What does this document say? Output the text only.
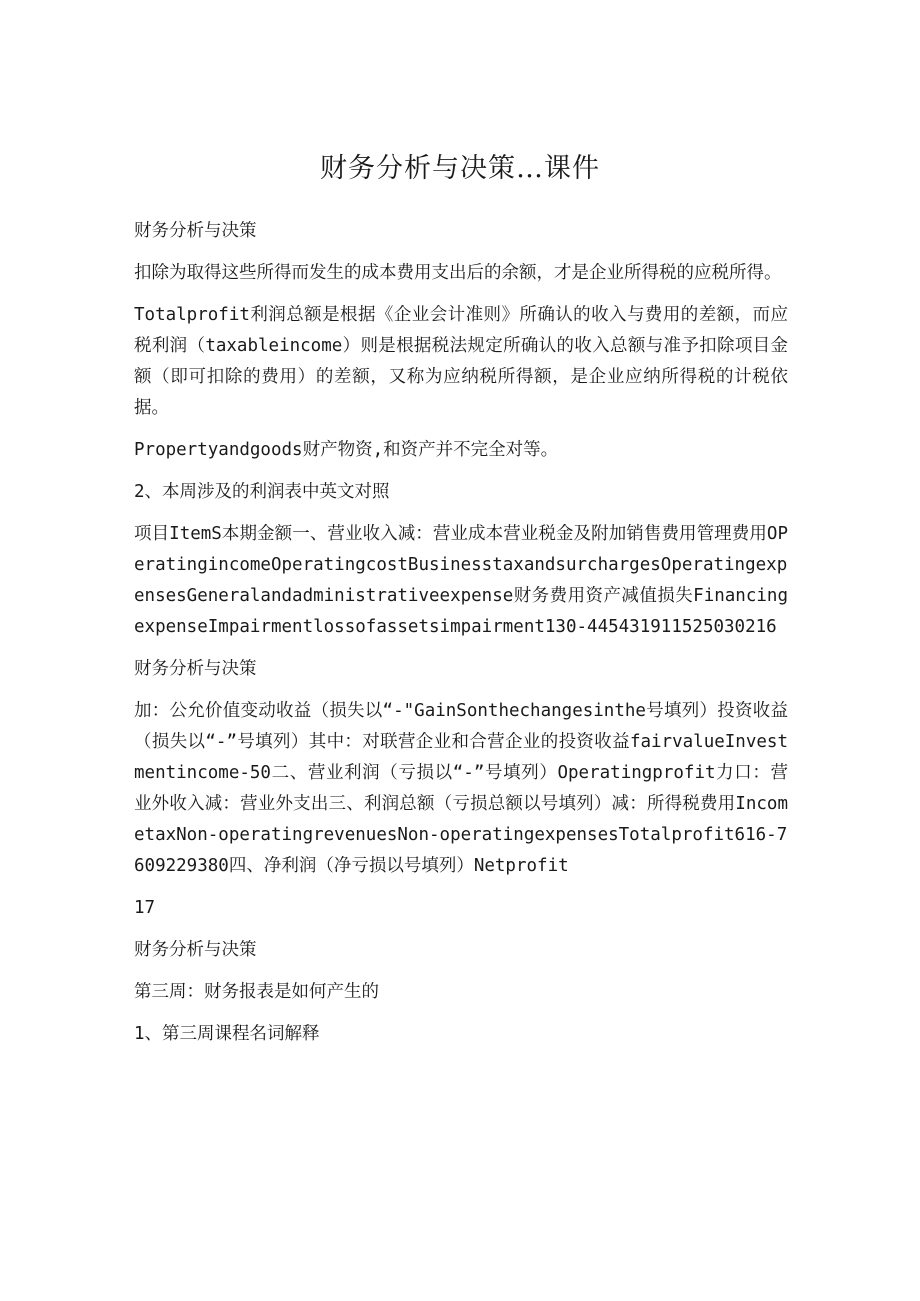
财务分析与决策…课件

财务分析与决策

扣除为取得这些所得而发生的成本费用支出后的余额，才是企业所得税的应税所得。

Totalprofit利润总额是根据《企业会计准则》所确认的收入与费用的差额，而应税利润（taxableincome）则是根据税法规定所确认的收入总额与准予扣除项目金额（即可扣除的费用）的差额，又称为应纳税所得额，是企业应纳所得税的计税依据。

Propertyandgoods财产物资,和资产并不完全对等。

2、本周涉及的利润表中英文对照

项目ItemS本期金额一、营业收入减：营业成本营业税金及附加销售费用管理费用OPeratingincomeOperatingcostBusinesstaxandsurchargesOperatingexpensesGeneralandadministrativeexpense财务费用资产减值损失FinancingexpenseImpairmentlossofassetsimpairment130-445431911525030216

财务分析与决策

加：公允价值变动收益（损失以“-"GainSonthechangesinthe号填列）投资收益（损失以“-”号填列）其中：对联营企业和合营企业的投资收益fairvalueInvestmentincome-50二、营业利润（亏损以“-”号填列）Operatingprofit力口：营业外收入减：营业外支出三、利润总额（亏损总额以号填列）减：所得税费用IncometaxNon-operatingrevenuesNon-operatingexpensesTotalprofit616-7609229380四、净利润（净亏损以号填列）Netprofit

17

财务分析与决策

第三周：财务报表是如何产生的

1、第三周课程名词解释
